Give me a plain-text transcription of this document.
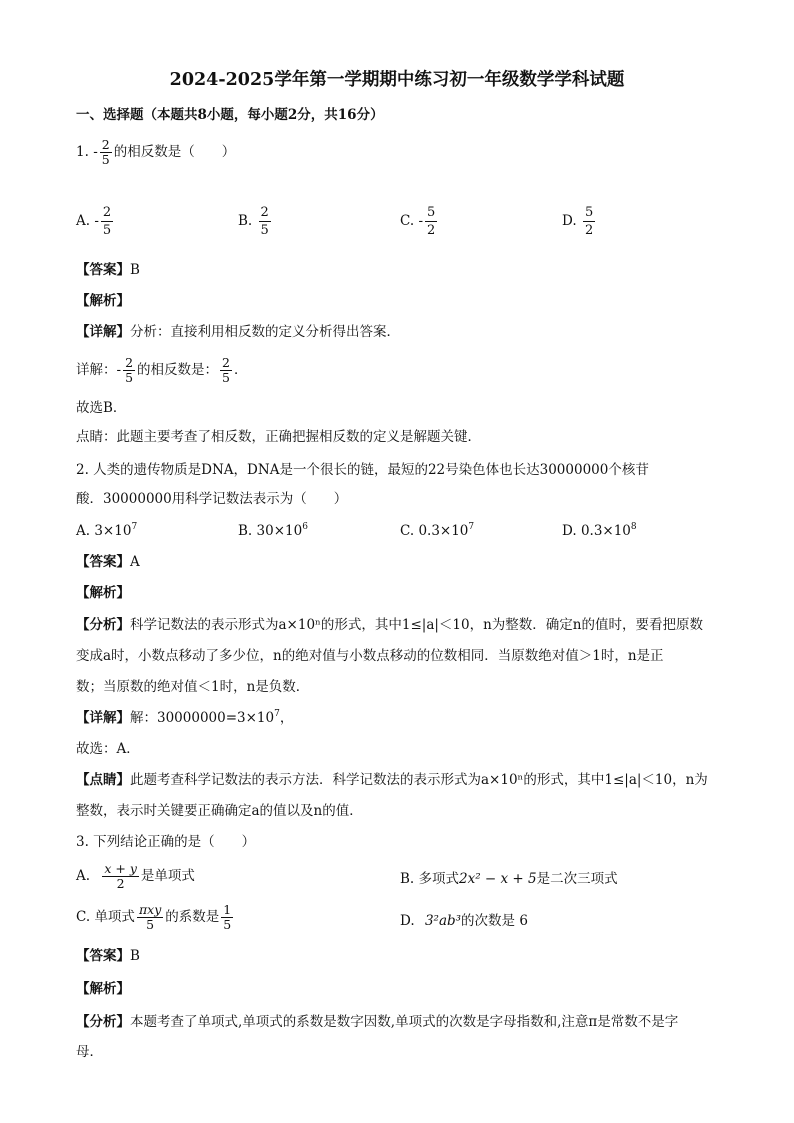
2024-2025学年第一学期期中练习初一年级数学学科试题
一、选择题（本题共8小题，每小题2分，共16分）
1. - $\frac{2}{5}$ 的相反数是（　　）
A. - $\frac{2}{5}$	B. $\frac{2}{5}$	C. - $\frac{5}{2}$	D. $\frac{5}{2}$
【答案】B
【解析】
【详解】分析：直接利用相反数的定义分析得出答案．
详解：- $\frac{2}{5}$ 的相反数是： $\frac{2}{5}$ ．
故选B．
点睛：此题主要考查了相反数，正确把握相反数的定义是解题关键．
2. 人类的遗传物质是DNA，DNA是一个很长的链，最短的22号染色体也长达30000000个核苷
酸．30000000用科学记数法表示为（　　）
A. $3\times 10^7$	B. $30\times 10^6$	C. $0.3\times 10^7$	D. $0.3\times 10^8$
【答案】A
【解析】
【分析】科学记数法的表示形式为a×10ⁿ的形式，其中1≤|a|＜10，n为整数．确定n的值时，要看把原数
变成a时，小数点移动了多少位，n的绝对值与小数点移动的位数相同．当原数绝对值＞1时，n是正
数；当原数的绝对值＜1时，n是负数．
【详解】解：$30000000=3\times 10^7$，
故选：A．
【点睛】此题考查科学记数法的表示方法．科学记数法的表示形式为a×10ⁿ的形式，其中1≤|a|＜10，n为
整数，表示时关键要正确确定a的值以及n的值．
3. 下列结论正确的是（　　）
A. $\frac{x + y}{2}$ 是单项式	B. 多项式2x² − x + 5是二次三项式
C. 单项式 $\frac{\text{πxy}}{5}$ 的系数是 $\frac{1}{5}$	D. 3²ab³的次数是 6
【答案】B
【解析】
【分析】本题考查了单项式,单项式的系数是数字因数,单项式的次数是字母指数和,注意π是常数不是字
母．
